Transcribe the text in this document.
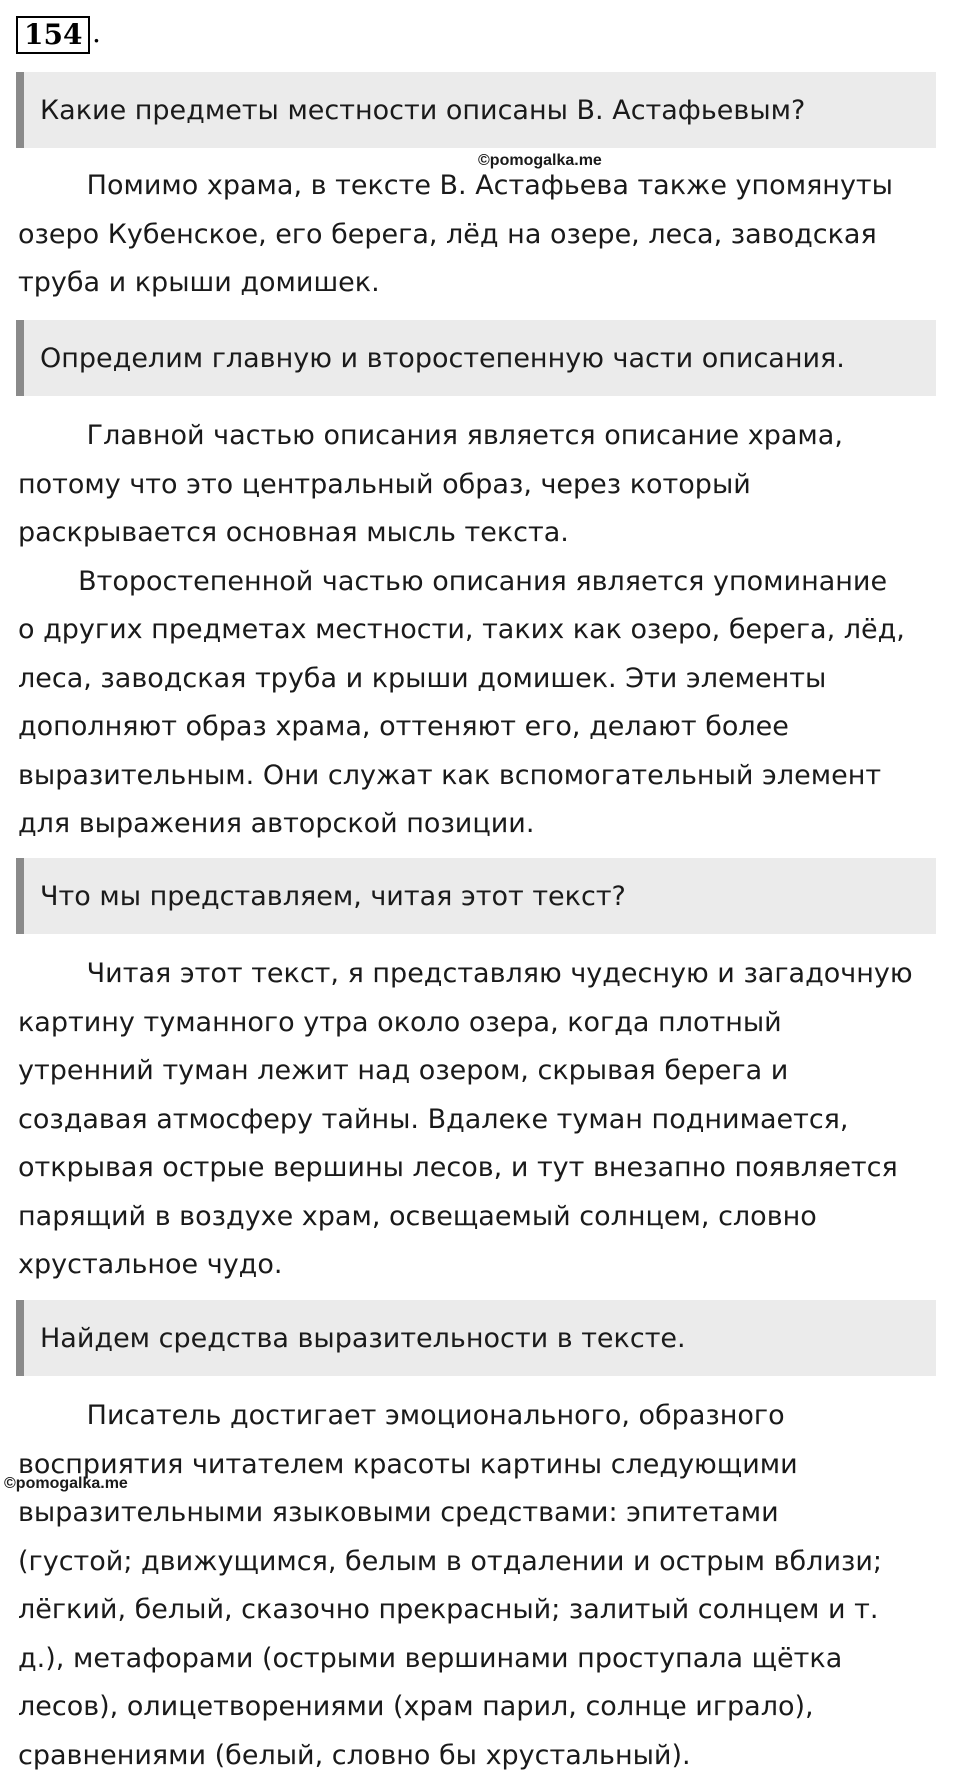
154 .
Какие предметы местности описаны В. Астафьевым?
©pomogalka.me

Помимо храма, в тексте В. Астафьева также упомянуты
озеро Кубенское, его берега, лёд на озере, леса, заводская
труба и крыши домишек.

Определим главную и второстепенную части описания.

Главной частью описания является описание храма,
потому что это центральный образ, через который
раскрывается основная мысль текста.
Второстепенной частью описания является упоминание
о других предметах местности, таких как озеро, берега, лёд,
леса, заводская труба и крыши домишек. Эти элементы
дополняют образ храма, оттеняют его, делают более
выразительным. Они служат как вспомогательный элемент
для выражения авторской позиции.

Что мы представляем, читая этот текст?

Читая этот текст, я представляю чудесную и загадочную
картину туманного утра около озера, когда плотный
утренний туман лежит над озером, скрывая берега и
создавая атмосферу тайны. Вдалеке туман поднимается,
открывая острые вершины лесов, и тут внезапно появляется
парящий в воздухе храм, освещаемый солнцем, словно
хрустальное чудо.

Найдем средства выразительности в тексте.

Писатель достигает эмоционального, образного
восприятия читателем красоты картины следующими
выразительными языковыми средствами: эпитетами
(густой; движущимся, белым в отдалении и острым вблизи;
лёгкий, белый, сказочно прекрасный; залитый солнцем и т.
д.), метафорами (острыми вершинами проступала щётка
лесов), олицетворениями (храм парил, солнце играло),
сравнениями (белый, словно бы хрустальный).

©pomogalka.me
